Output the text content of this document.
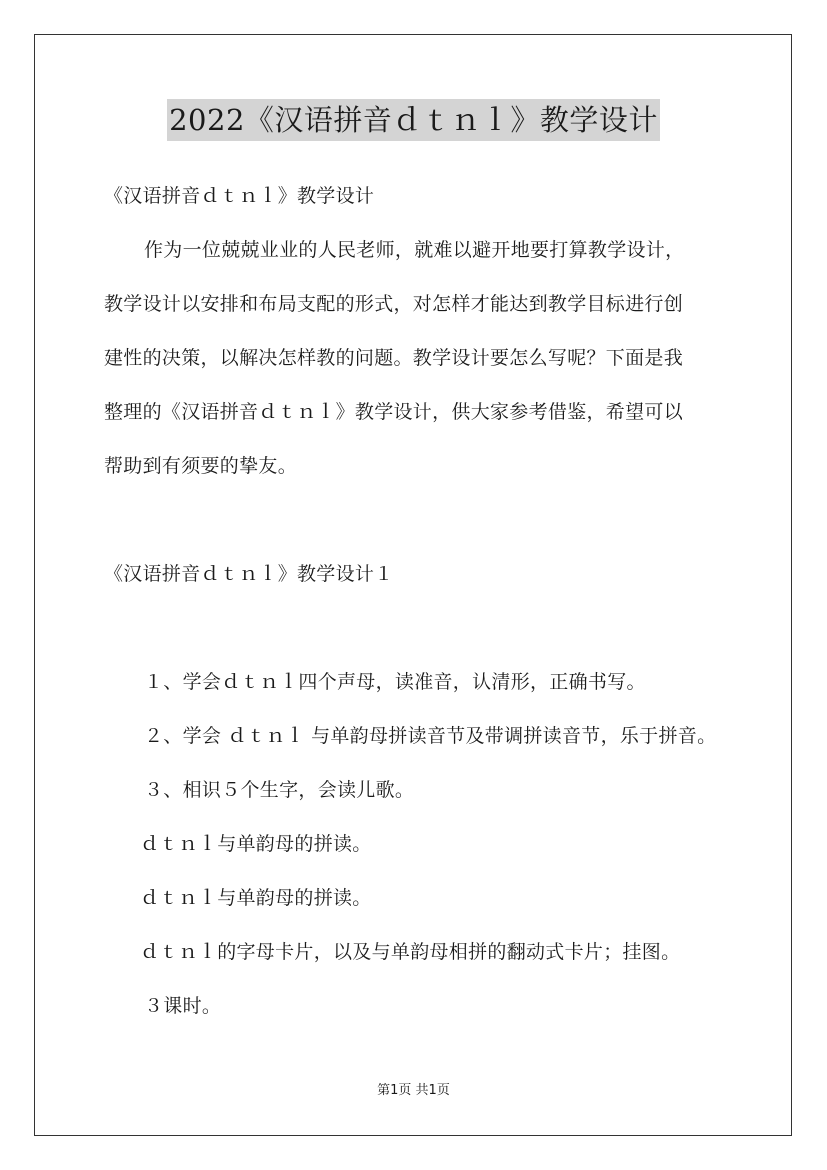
2022《汉语拼音ｄｔｎｌ》教学设计
《汉语拼音ｄｔｎｌ》教学设计
作为一位兢兢业业的人民老师，就难以避开地要打算教学设计，
教学设计以安排和布局支配的形式，对怎样才能达到教学目标进行创
建性的决策，以解决怎样教的问题。教学设计要怎么写呢？下面是我
整理的《汉语拼音ｄｔｎｌ》教学设计，供大家参考借鉴，希望可以
帮助到有须要的挚友。
《汉语拼音ｄｔｎｌ》教学设计１
１、学会ｄｔｎｌ四个声母，读准音，认清形，正确书写。
２、学会 ｄｔｎｌ 与单韵母拼读音节及带调拼读音节，乐于拼音。
３、相识５个生字，会读儿歌。
ｄｔｎｌ与单韵母的拼读。
ｄｔｎｌ与单韵母的拼读。
ｄｔｎｌ的字母卡片，以及与单韵母相拼的翻动式卡片；挂图。
３课时。
第1页 共1页
